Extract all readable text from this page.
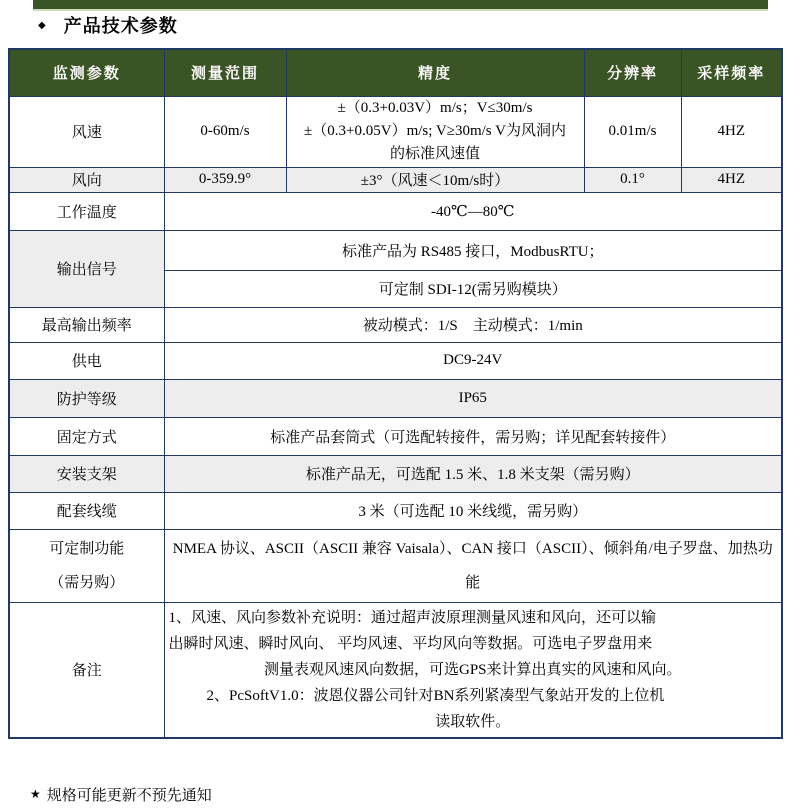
◆ 产品技术参数
监测参数	测量范围	精度	分辨率	采样频率
风速	0-60m/s	±（0.3+0.03V）m/s；V≤30m/s
±（0.3+0.05V）m/s; V≥30m/s V为风洞内
的标准风速值	0.01m/s	4HZ
风向	0-359.9°	±3°（风速＜10m/s时）	0.1°	4HZ
工作温度	-40℃—80℃			
输出信号	标准产品为 RS485 接口，ModbusRTU；			
	可定制 SDI-12(需另购模块）			
最高输出频率	被动模式：1/S　主动模式：1/min			
供电	DC9-24V			
防护等级	IP65			
固定方式	标准产品套筒式（可选配转接件，需另购；详见配套转接件）			
安装支架	标准产品无，可选配 1.5 米、1.8 米支架（需另购）			
配套线缆	3 米（可选配 10 米线缆，需另购）			

可定制功能
（需另购）	NMEA 协议、ASCII（ASCII 兼容 Vaisala）、CAN 接口（ASCII）、倾斜角/电子罗盘、加热功能			
备注	1、风速、风向参数补充说明：通过超声波原理测量风速和风向，还可以输
出瞬时风速、瞬时风向、 平均风速、平均风向等数据。可选电子罗盘用来
测量表观风速风向数据，可选GPS来计算出真实的风速和风向。
2、PcSoftV1.0：波恩仪器公司针对BN系列紧凑型气象站开发的上位机
读取软件。			
★ 规格可能更新不预先通知
